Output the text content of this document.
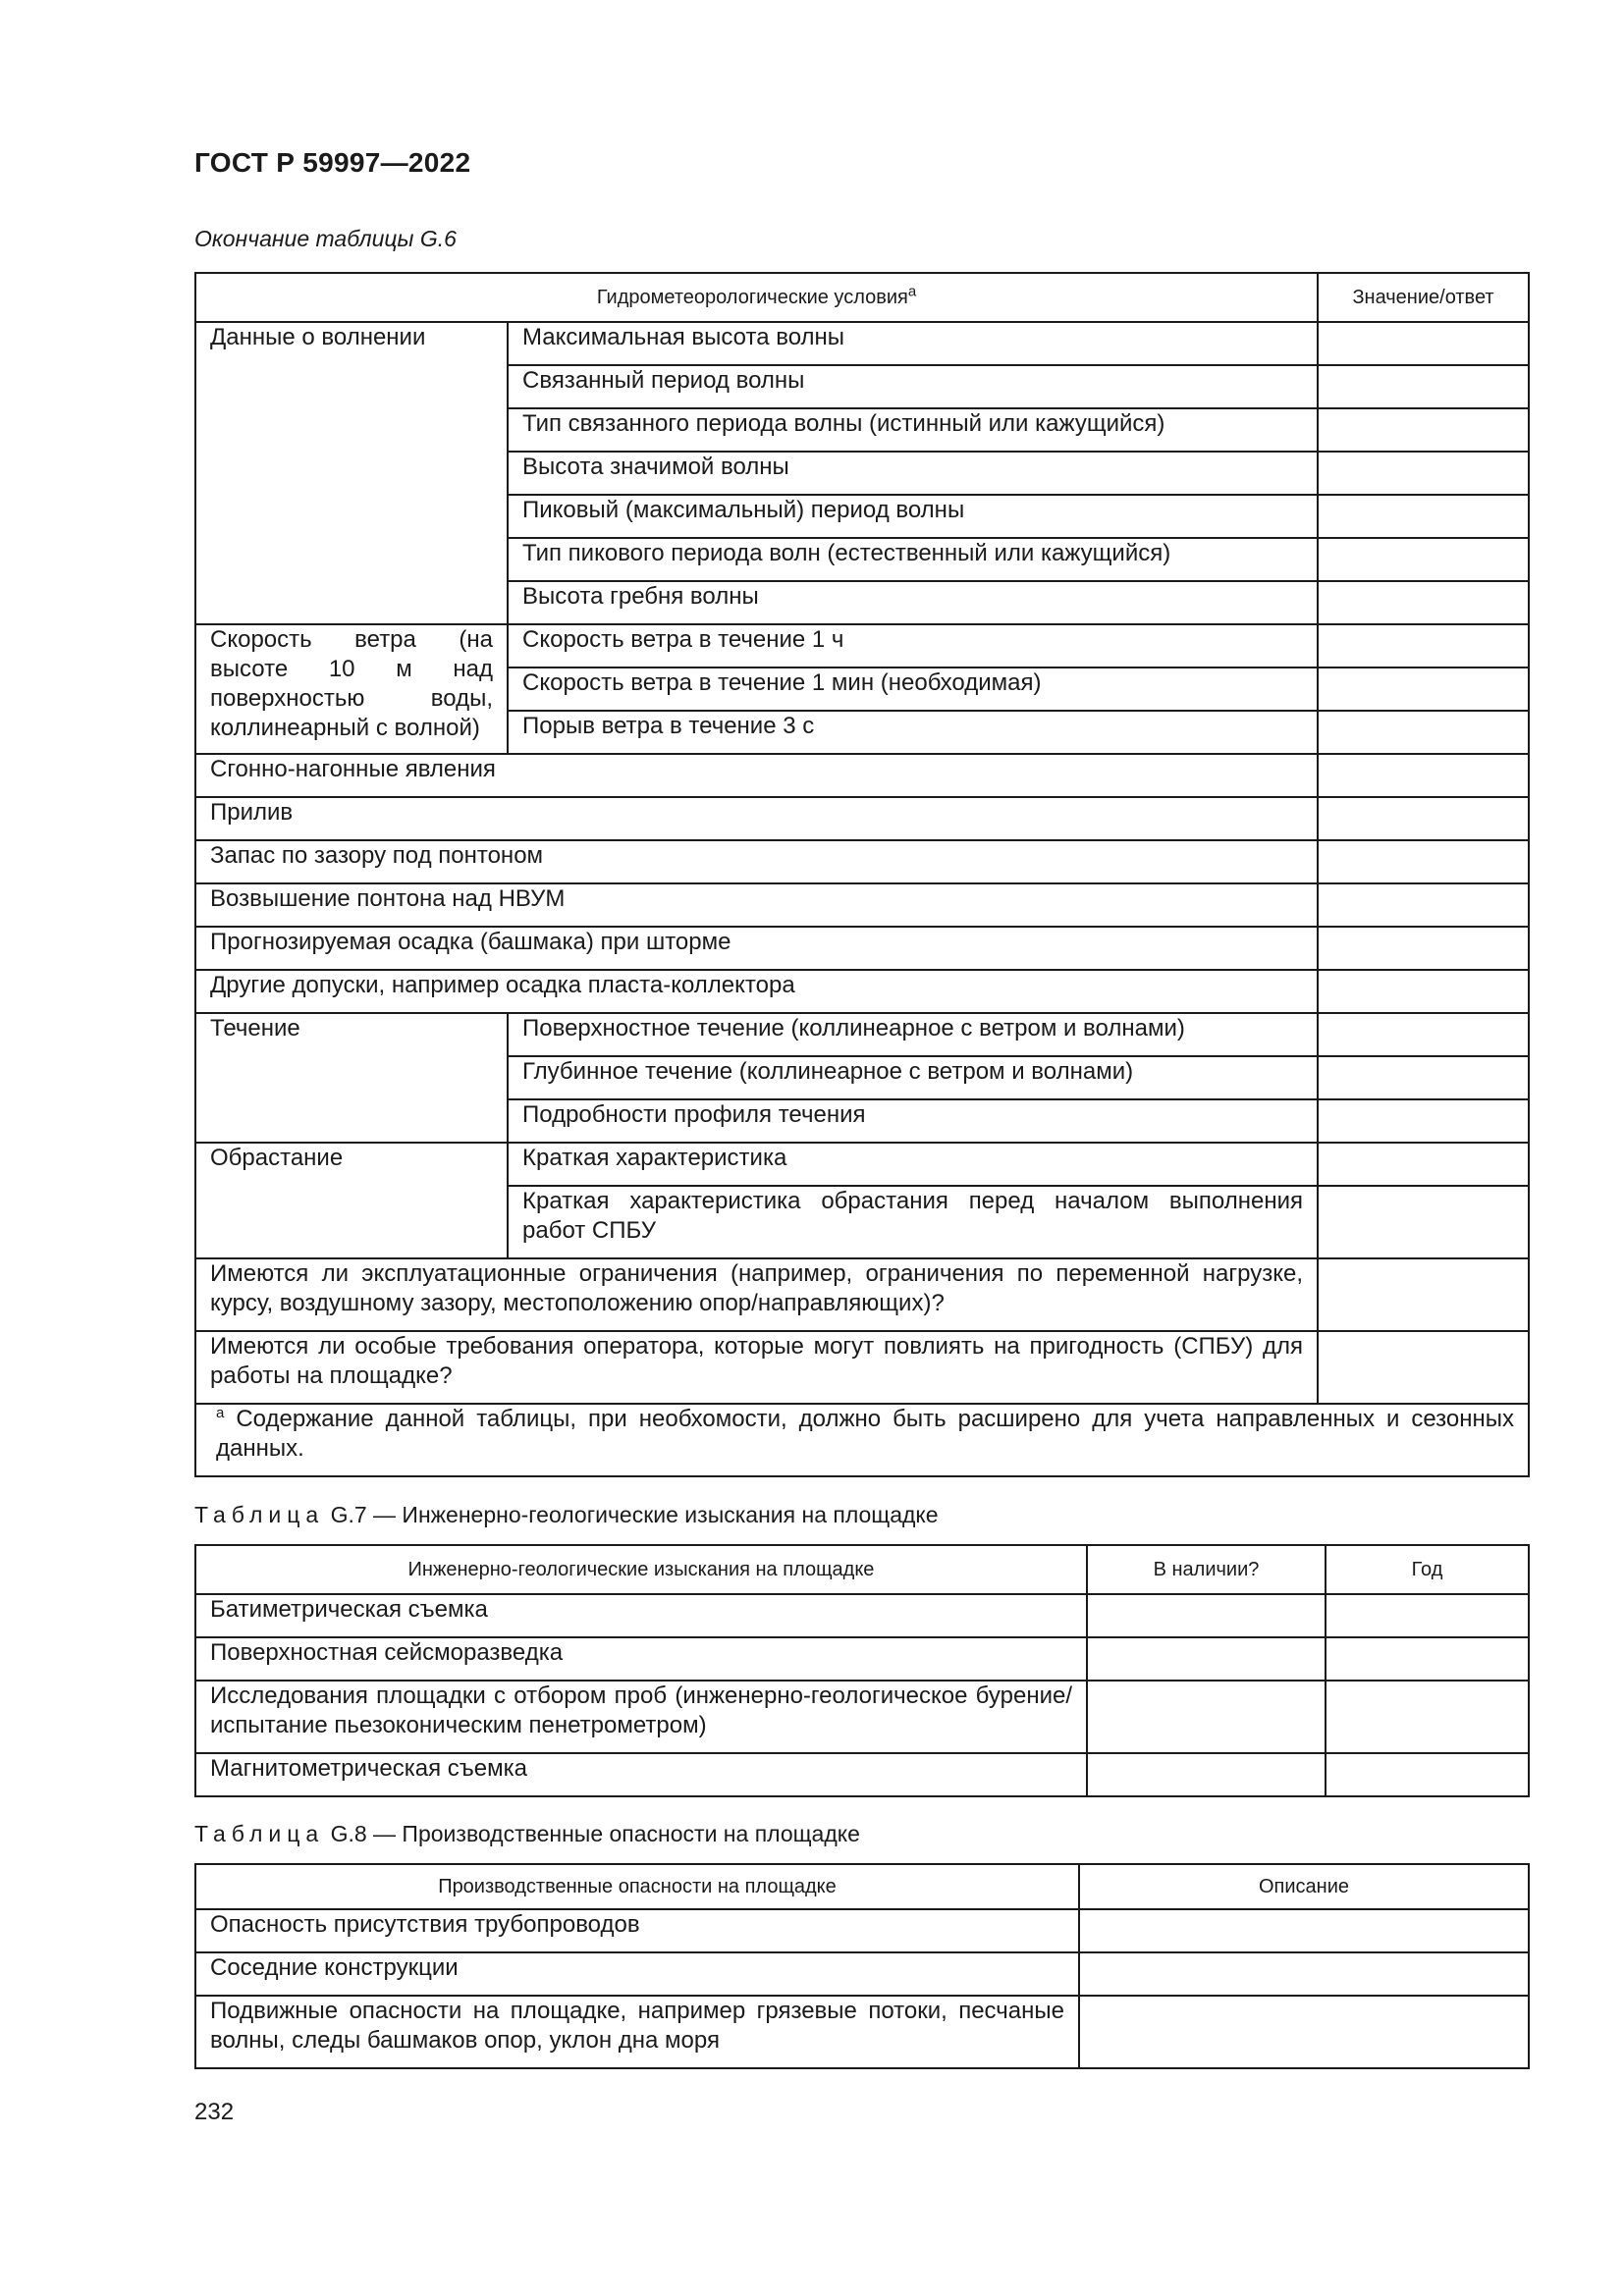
ГОСТ Р 59997—2022
Окончание таблицы G.6
Гидрометеорологические условия$^a$		Значение/ответ
Данные о волнении	Максимальная высота волны	
	Связанный период волны	
	Тип связанного периода волны (истинный или кажущийся)	
	Высота значимой волны	
	Пиковый (максимальный) период волны	
	Тип пикового периода волн (естественный или кажущийся)	
	Высота гребня волны	
Скорость ветра (на высоте 10 м над поверхностью воды, коллинеарный с волной)	Скорость ветра в течение 1 ч	
	Скорость ветра в течение 1 мин (необходимая)	
	Порыв ветра в течение 3 с	
Сгонно-нагонные явления		
Прилив		
Запас по зазору под понтоном		
Возвышение понтона над НВУМ		
Прогнозируемая осадка (башмака) при шторме		
Другие допуски, например осадка пласта-коллектора		
Течение	Поверхностное течение (коллинеарное с ветром и волнами)	
	Глубинное течение (коллинеарное с ветром и волнами)	
	Подробности профиля течения	
Обрастание	Краткая характеристика	
	Краткая характеристика обрастания перед началом выполнения работ СПБУ	
Имеются ли эксплуатационные ограничения (например, ограничения по переменной нагрузке, курсу, воздушному зазору, местоположению опор/направляющих)?		
Имеются ли особые требования оператора, которые могут повлиять на пригодность (СПБУ) для работы на площадке?		
$^a$ Содержание данной таблицы, при необхомости, должно быть расширено для учета направленных и сезонных данных.		
Таблица G.7 — Инженерно-геологические изыскания на площадке
Инженерно-геологические изыскания на площадке	В наличии?	Год
Батиметрическая съемка		
Поверхностная сейсморазведка		
Исследования площадки с отбором проб (инженерно-геологическое бурение/испытание пьезоконическим пенетрометром)		
Магнитометрическая съемка		
Таблица G.8 — Производственные опасности на площадке
Производственные опасности на площадке	Описание
Опасность присутствия трубопроводов	
Соседние конструкции	
Подвижные опасности на площадке, например грязевые потоки, песчаные волны, следы башмаков опор, уклон дна моря	
232
